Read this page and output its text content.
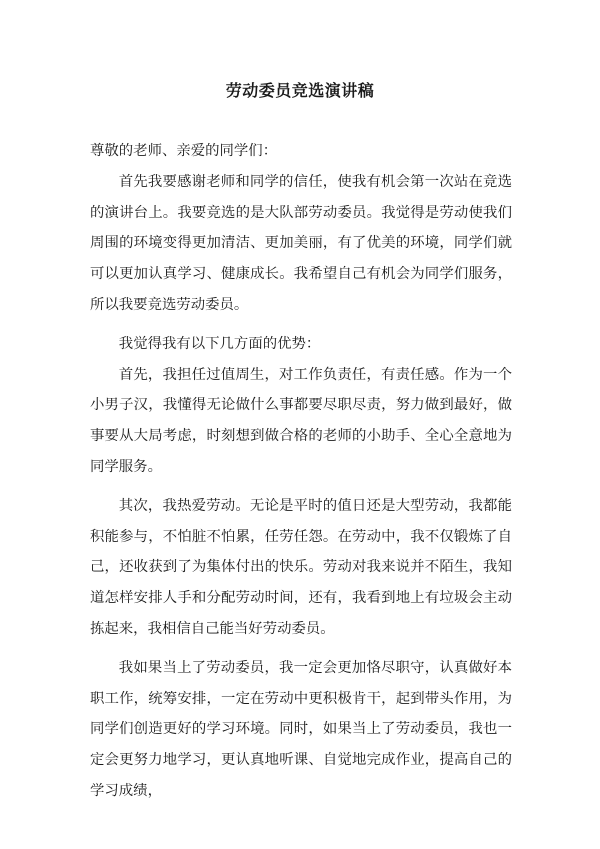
劳动委员竞选演讲稿

尊敬的老师、亲爱的同学们：

首先我要感谢老师和同学的信任，使我有机会第一次站在竞选的演讲台上。我要竞选的是大队部劳动委员。我觉得是劳动使我们周围的环境变得更加清洁、更加美丽，有了优美的环境，同学们就可以更加认真学习、健康成长。我希望自己有机会为同学们服务，所以我要竞选劳动委员。

我觉得我有以下几方面的优势：

首先，我担任过值周生，对工作负责任，有责任感。作为一个小男子汉，我懂得无论做什么事都要尽职尽责，努力做到最好，做事要从大局考虑，时刻想到做合格的老师的小助手、全心全意地为同学服务。

其次，我热爱劳动。无论是平时的值日还是大型劳动，我都能积能参与，不怕脏不怕累，任劳任怨。在劳动中，我不仅锻炼了自己，还收获到了为集体付出的快乐。劳动对我来说并不陌生，我知道怎样安排人手和分配劳动时间，还有，我看到地上有垃圾会主动拣起来，我相信自己能当好劳动委员。

我如果当上了劳动委员，我一定会更加恪尽职守，认真做好本职工作，统筹安排，一定在劳动中更积极肯干，起到带头作用，为同学们创造更好的学习环境。同时，如果当上了劳动委员，我也一定会更努力地学习，更认真地听课、自觉地完成作业，提高自己的学习成绩，
